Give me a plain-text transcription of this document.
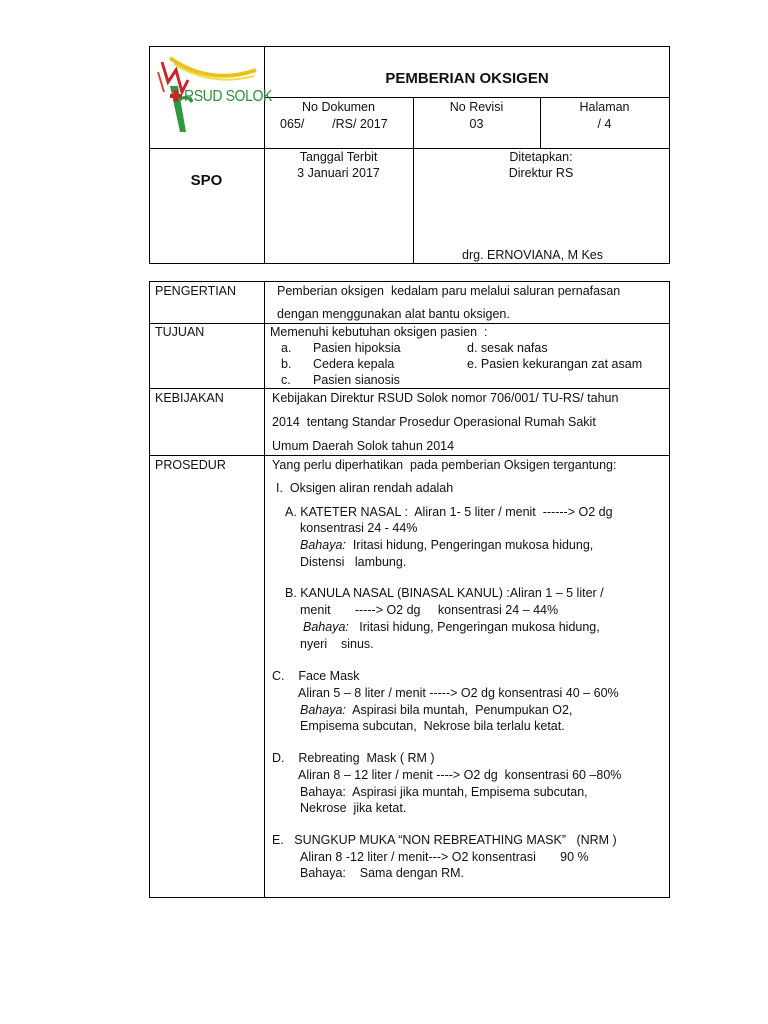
RSUD SOLOK
PEMBERIAN OKSIGEN
No Dokumen
065/        /RS/ 2017
No Revisi
03
Halaman
/ 4
SPO
Tanggal Terbit
3 Januari 2017
Ditetapkan:
Direktur RS
drg. ERNOVIANA, M Kes
PENGERTIAN	Pemberian oksigen  kedalam paru melalui saluran pernafasan
dengan menggunakan alat bantu oksigen.
TUJUAN	Memenuhi kebutuhan oksigen pasien  :
a. Pasien hipoksia
b. Cedera kepala
c. Pasien sianosis
d. sesak nafas
e. Pasien kekurangan zat asam
KEBIJAKAN	Kebijakan Direktur RSUD Solok nomor 706/001/ TU-RS/ tahun
2014  tentang Standar Prosedur Operasional Rumah Sakit
Umum Daerah Solok tahun 2014
PROSEDUR	Yang perlu diperhatikan  pada pemberian Oksigen tergantung:
I.  Oksigen aliran rendah adalah
A. KATETER NASAL :  Aliran 1- 5 liter / menit  ------> O2 dg
konsentrasi 24 - 44%
Bahaya:  Iritasi hidung, Pengeringan mukosa hidung,
Distensi   lambung.
B. KANULA NASAL (BINASAL KANUL) :Aliran 1 – 5 liter /
menit       -----> O2 dg     konsentrasi 24 – 44%
Bahaya:   Iritasi hidung, Pengeringan mukosa hidung,
nyeri    sinus.
C.    Face Mask
Aliran 5 – 8 liter / menit -----> O2 dg konsentrasi 40 – 60%
Bahaya:  Aspirasi bila muntah,  Penumpukan O2,
Empisema subcutan,  Nekrose bila terlalu ketat.
D.    Rebreating  Mask ( RM )
Aliran 8 – 12 liter / menit ----> O2 dg  konsentrasi 60 –80%
Bahaya:  Aspirasi jika muntah, Empisema subcutan,
Nekrose  jika ketat.
E.   SUNGKUP MUKA “NON REBREATHING MASK”   (NRM )
Aliran 8 -12 liter / menit---> O2 konsentrasi       90 %
Bahaya:    Sama dengan RM.
